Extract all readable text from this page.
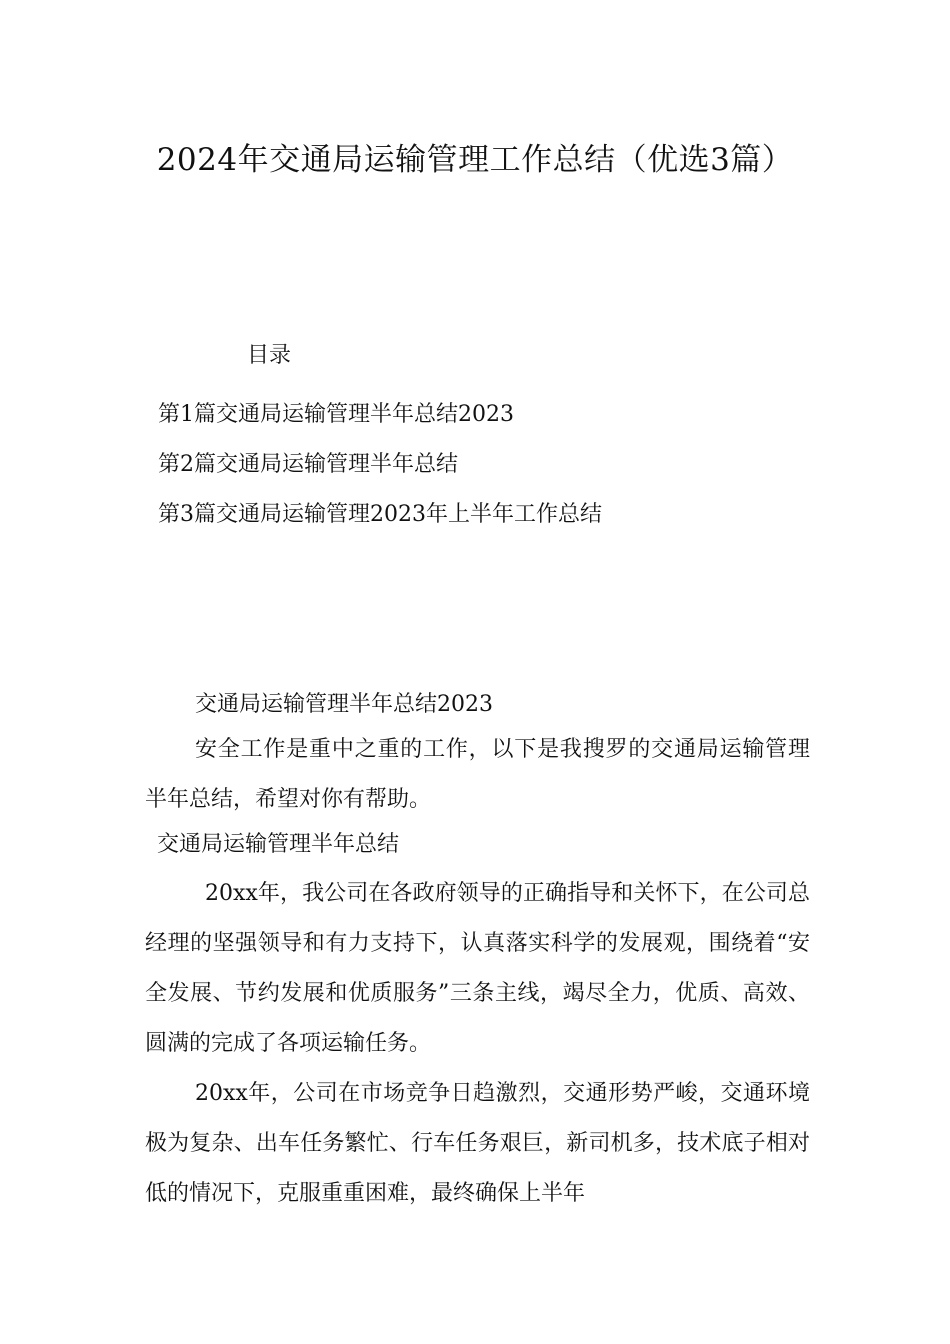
2024年交通局运输管理工作总结（优选3篇）
目录
第1篇交通局运输管理半年总结2023
第2篇交通局运输管理半年总结
第3篇交通局运输管理2023年上半年工作总结

交通局运输管理半年总结2023

安全工作是重中之重的工作，以下是我搜罗的交通局运输管理半年总结，希望对你有帮助。

交通局运输管理半年总结

20xx年，我公司在各政府领导的正确指导和关怀下，在公司总经理的坚强领导和有力支持下，认真落实科学的发展观，围绕着“安全发展、节约发展和优质服务”三条主线，竭尽全力，优质、高效、圆满的完成了各项运输任务。

20xx年，公司在市场竞争日趋激烈，交通形势严峻，交通环境极为复杂、出车任务繁忙、行车任务艰巨，新司机多，技术底子相对低的情况下，克服重重困难，最终确保上半年
